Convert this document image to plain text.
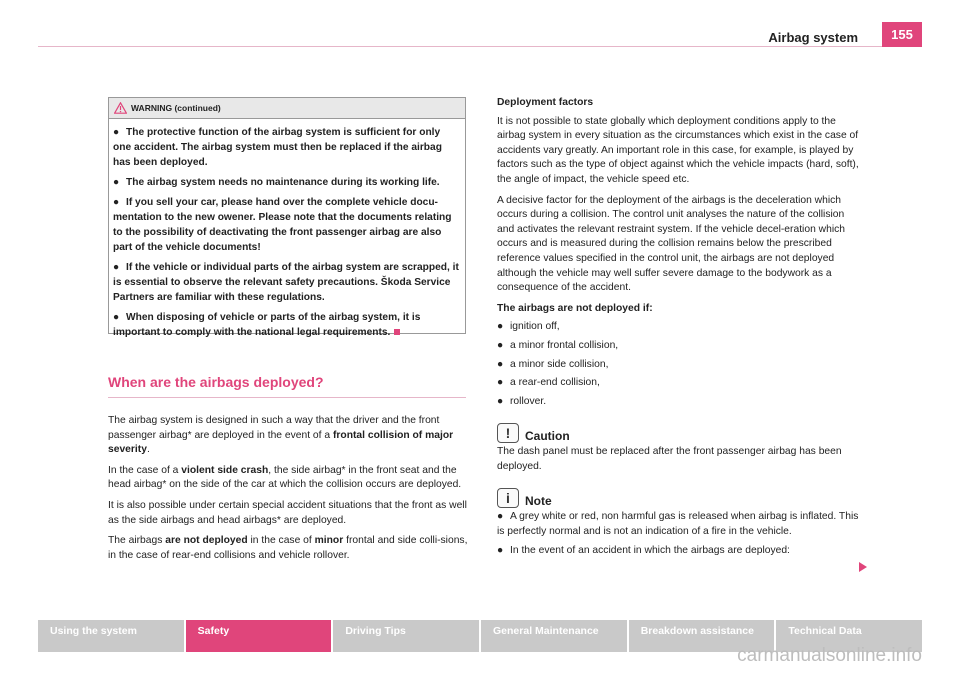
Airbag system	155
WARNING (continued)

● The protective function of the airbag system is sufficient for only one accident. The airbag system must then be replaced if the airbag has been deployed.

● The airbag system needs no maintenance during its working life.

● If you sell your car, please hand over the complete vehicle docu-mentation to the new owener. Please note that the documents relating to the possibility of deactivating the front passenger airbag are also part of the vehicle documents!

● If the vehicle or individual parts of the airbag system are scrapped, it is essential to observe the relevant safety precautions. Škoda Service Partners are familiar with these regulations.

● When disposing of vehicle or parts of the airbag system, it is important to comply with the national legal requirements.

When are the airbags deployed?

The airbag system is designed in such a way that the driver and the front passenger airbag* are deployed in the event of a frontal collision of major severity.

In the case of a violent side crash, the side airbag* in the front seat and the head airbag* on the side of the car at which the collision occurs are deployed.

It is also possible under certain special accident situations that the front as well as the side airbags and head airbags* are deployed.

The airbags are not deployed in the case of minor frontal and side colli-sions, in the case of rear-end collisions and vehicle rollover.

Deployment factors

It is not possible to state globally which deployment conditions apply to the airbag system in every situation as the circumstances which exist in the case of accidents vary greatly. An important role in this case, for example, is played by factors such as the type of object against which the vehicle impacts (hard, soft), the angle of impact, the vehicle speed etc.

A decisive factor for the deployment of the airbags is the deceleration which occurs during a collision. The control unit analyses the nature of the collision and activates the relevant restraint system. If the vehicle decel-eration which occurs and is measured during the collision remains below the prescribed reference values specified in the control unit, the airbags are not deployed although the vehicle may well suffer severe damage to the bodywork as a consequence of the accident.

The airbags are not deployed if:

● ignition off,
● a minor frontal collision,
● a minor side collision,
● a rear-end collision,
● rollover.
!	Caution

The dash panel must be replaced after the front passenger airbag has been deployed.

i	Note
● A grey white or red, non harmful gas is released when airbag is inflated. This is perfectly normal and is not an indication of a fire in the vehicle.
● In the event of an accident in which the airbags are deployed:
Using the system	Safety	Driving Tips	General Maintenance	Breakdown assistance	Technical Data
carmanualsonline.info
